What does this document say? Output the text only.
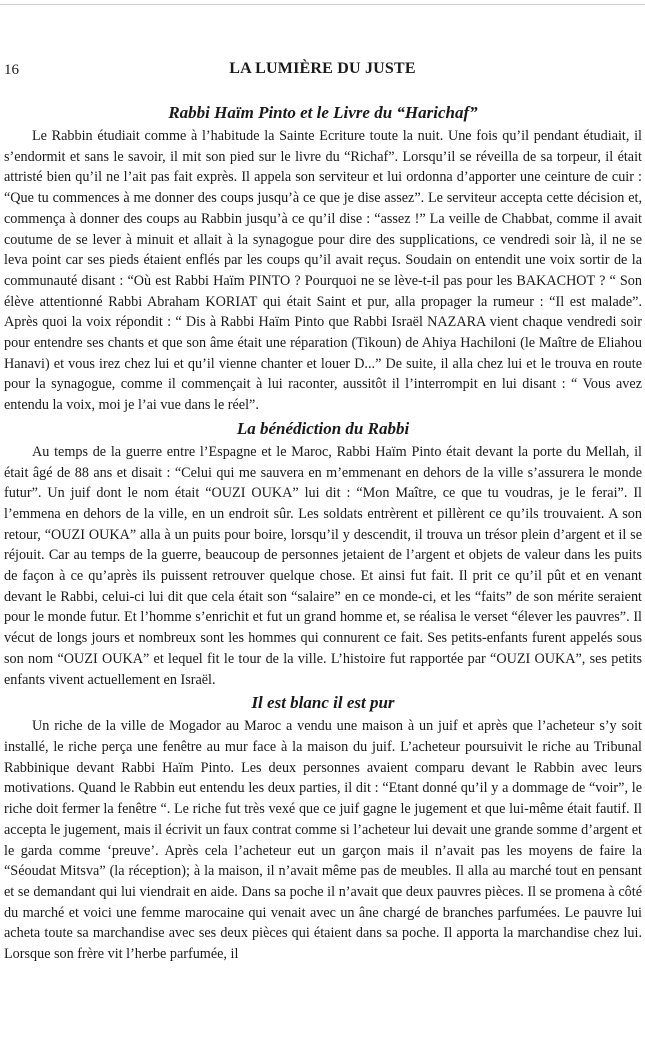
16	LA LUMIÈRE DU JUSTE
Rabbi Haïm Pinto et le Livre du “Harichaf”

Le Rabbin étudiait comme à l’habitude la Sainte Ecriture toute la nuit. Une fois qu’il pendant étudiait, il s’endormit et sans le savoir, il mit son pied sur le livre du “Richaf”. Lorsqu’il se réveilla de sa torpeur, il était attristé bien qu’il ne l’ait pas fait exprès. Il appela son serviteur et lui ordonna d’apporter une ceinture de cuir : “Que tu commences à me donner des coups jusqu’à ce que je dise assez”. Le serviteur accepta cette décision et, commença à donner des coups au Rabbin jusqu’à ce qu’il dise : “assez !” La veille de Chabbat, comme il avait coutume de se lever à minuit et allait à la synagogue pour dire des supplications, ce vendredi soir là, il ne se leva point car ses pieds étaient enflés par les coups qu’il avait reçus. Soudain on entendit une voix sortir de la communauté disant : “Où est Rabbi Haïm PINTO ? Pourquoi ne se lève-t-il pas pour les BAKACHOT ? “ Son élève attentionné Rabbi Abraham KORIAT qui était Saint et pur, alla propager la rumeur : “Il est malade”. Après quoi la voix répondit : “ Dis à Rabbi Haïm Pinto que Rabbi Israël NAZARA vient chaque vendredi soir pour entendre ses chants et que son âme était une réparation (Tikoun) de Ahiya Hachiloni (le Maître de Eliahou Hanavi) et vous irez chez lui et qu’il vienne chanter et louer D...” De suite, il alla chez lui et le trouva en route pour la synagogue, comme il commençait à lui raconter, aussitôt il l’interrompit en lui disant : “ Vous avez entendu la voix, moi je l’ai vue dans le réel”.

La bénédiction du Rabbi

Au temps de la guerre entre l’Espagne et le Maroc, Rabbi Haïm Pinto était devant la porte du Mellah, il était âgé de 88 ans et disait : “Celui qui me sauvera en m’emmenant en dehors de la ville s’assurera le monde futur”. Un juif dont le nom était “OUZI OUKA” lui dit : “Mon Maître, ce que tu voudras, je le ferai”. Il l’emmena en dehors de la ville, en un endroit sûr. Les soldats entrèrent et pillèrent ce qu’ils trouvaient. A son retour, “OUZI OUKA” alla à un puits pour boire, lorsqu’il y descendit, il trouva un trésor plein d’argent et il se réjouit. Car au temps de la guerre, beaucoup de personnes jetaient de l’argent et objets de valeur dans les puits de façon à ce qu’après ils puissent retrouver quelque chose. Et ainsi fut fait. Il prit ce qu’il pût et en venant devant le Rabbi, celui-ci lui dit que cela était son “salaire” en ce monde-ci, et les “faits” de son mérite seraient pour le monde futur. Et l’homme s’enrichit et fut un grand homme et, se réalisa le verset “élever les pauvres”. Il vécut de longs jours et nombreux sont les hommes qui connurent ce fait. Ses petits-enfants furent appelés sous son nom “OUZI OUKA” et lequel fit le tour de la ville. L’histoire fut rapportée par “OUZI OUKA”, ses petits enfants vivent actuellement en Israël.

Il est blanc il est pur

Un riche de la ville de Mogador au Maroc a vendu une maison à un juif et après que l’acheteur s’y soit installé, le riche perça une fenêtre au mur face à la maison du juif. L’acheteur poursuivit le riche au Tribunal Rabbinique devant Rabbi Haïm Pinto. Les deux personnes avaient comparu devant le Rabbin avec leurs motivations. Quand le Rabbin eut entendu les deux parties, il dit : “Etant donné qu’il y a dommage de “voir”, le riche doit fermer la fenêtre “. Le riche fut très vexé que ce juif gagne le jugement et que lui-même était fautif. Il accepta le jugement, mais il écrivit un faux contrat comme si l’acheteur lui devait une grande somme d’argent et le garda comme ‘preuve’. Après cela l’acheteur eut un garçon mais il n’avait pas les moyens de faire la “Séoudat Mitsva” (la réception); à la maison, il n’avait même pas de meubles. Il alla au marché tout en pensant et se demandant qui lui viendrait en aide. Dans sa poche il n’avait que deux pauvres pièces. Il se promena à côté du marché et voici une femme marocaine qui venait avec un âne chargé de branches parfumées. Le pauvre lui acheta toute sa marchandise avec ses deux pièces qui étaient dans sa poche. Il apporta la marchandise chez lui. Lorsque son frère vit l’herbe parfumée, il
